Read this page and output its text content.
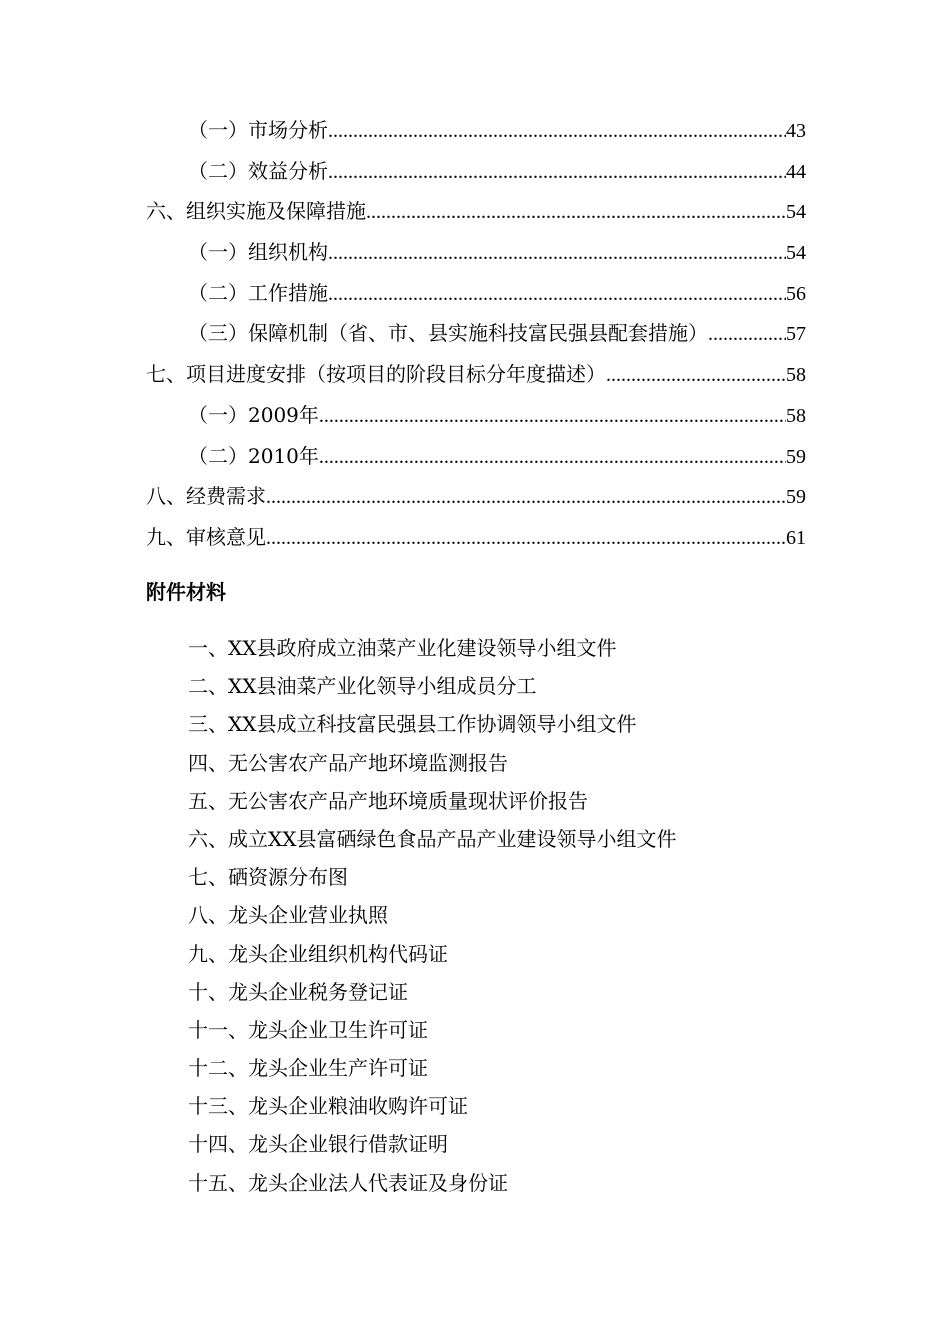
（一）市场分析 .....	43
（二）效益分析 .....	44
六、组织实施及保障措施 .....	54
（一）组织机构 .....	54
（二）工作措施 .....	56
（三）保障机制（省、市、县实施科技富民强县配套措施） .....	57
七、项目进度安排（按项目的阶段目标分年度描述） .....	58
（一）2009年 .....	58
（二）2010年 .....	59
八、经费需求 .....	59
九、审核意见 .....	61
附件材料
一、XX县政府成立油菜产业化建设领导小组文件
二、XX县油菜产业化领导小组成员分工
三、XX县成立科技富民强县工作协调领导小组文件
四、无公害农产品产地环境监测报告
五、无公害农产品产地环境质量现状评价报告
六、成立XX县富硒绿色食品产品产业建设领导小组文件
七、硒资源分布图
八、龙头企业营业执照
九、龙头企业组织机构代码证
十、龙头企业税务登记证
十一、龙头企业卫生许可证
十二、龙头企业生产许可证
十三、龙头企业粮油收购许可证
十四、龙头企业银行借款证明
十五、龙头企业法人代表证及身份证
